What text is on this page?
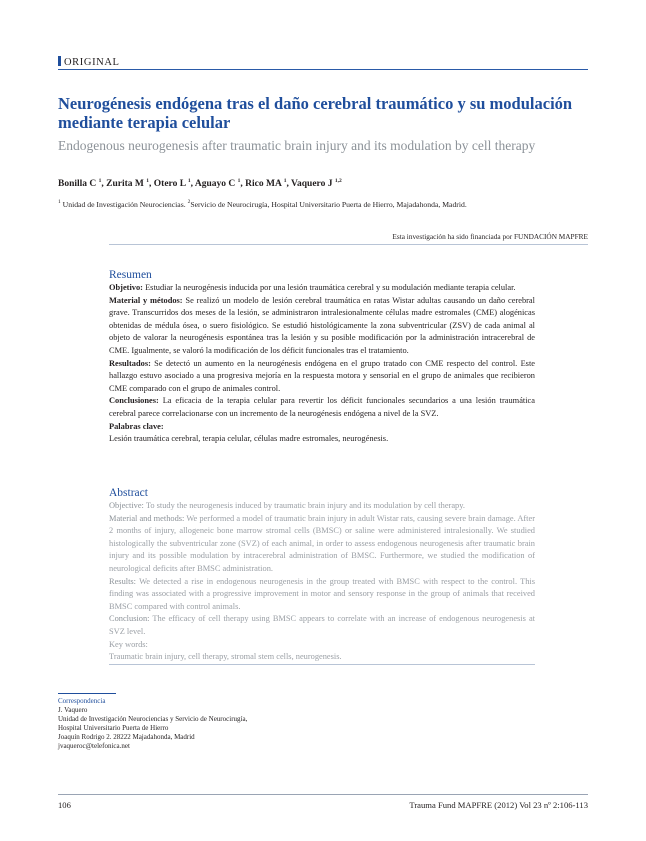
ORIGINAL
Neurogénesis endógena tras el daño cerebral traumático y su modulación mediante terapia celular
Endogenous neurogenesis after traumatic brain injury and its modulation by cell therapy
Bonilla C $^1$, Zurita M $^1$, Otero L $^1$, Aguayo C $^1$, Rico MA $^1$, Vaquero J $^{1,2}$
$^1$ Unidad de Investigación Neurociencias. $^2$Servicio de Neurocirugía, Hospital Universitario Puerta de Hierro, Majadahonda, Madrid.
Esta investigación ha sido financiada por FUNDACIÓN MAPFRE
Resumen

Objetivo: Estudiar la neurogénesis inducida por una lesión traumática cerebral y su modulación mediante terapia celular.

Material y métodos: Se realizó un modelo de lesión cerebral traumática en ratas Wistar adultas causando un daño cerebral grave. Transcurridos dos meses de la lesión, se administraron intralesionalmente células madre estromales (CME) alogénicas obtenidas de médula ósea, o suero fisiológico. Se estudió histológicamente la zona subventricular (ZSV) de cada animal al objeto de valorar la neurogénesis espontánea tras la lesión y su posible modificación por la administración intracerebral de CME. Igualmente, se valoró la modificación de los déficit funcionales tras el tratamiento.

Resultados: Se detectó un aumento en la neurogénesis endógena en el grupo tratado con CME respecto del control. Este hallazgo estuvo asociado a una progresiva mejoría en la respuesta motora y sensorial en el grupo de animales que recibieron CME comparado con el grupo de animales control.

Conclusiones: La eficacia de la terapia celular para revertir los déficit funcionales secundarios a una lesión traumática cerebral parece correlacionarse con un incremento de la neurogénesis endógena a nivel de la SVZ.

Palabras clave:

Lesión traumática cerebral, terapia celular, células madre estromales, neurogénesis.

Abstract

Objective: To study the neurogenesis induced by traumatic brain injury and its modulation by cell therapy.

Material and methods: We performed a model of traumatic brain injury in adult Wistar rats, causing severe brain damage. After 2 months of injury, allogeneic bone marrow stromal cells (BMSC) or saline were administered intralesionally. We studied histologically the subventricular zone (SVZ) of each animal, in order to assess endogenous neurogenesis after traumatic brain injury and its possible modulation by intracerebral administration of BMSC. Furthermore, we studied the modification of neurological deficits after BMSC administration.

Results: We detected a rise in endogenous neurogenesis in the group treated with BMSC with respect to the control. This finding was associated with a progressive improvement in motor and sensory response in the group of animals that received BMSC compared with control animals.

Conclusion: The efficacy of cell therapy using BMSC appears to correlate with an increase of endogenous neurogenesis at SVZ level.

Key words:

Traumatic brain injury, cell therapy, stromal stem cells, neurogenesis.

Correspondencia
J. Vaquero
Unidad de Investigación Neurociencias y Servicio de Neurocirugía,
Hospital Universitario Puerta de Hierro
Joaquín Rodrigo 2. 28222 Majadahonda, Madrid
jvaqueroc@telefonica.net
106	Trauma Fund MAPFRE (2012) Vol 23 nº 2:106-113
